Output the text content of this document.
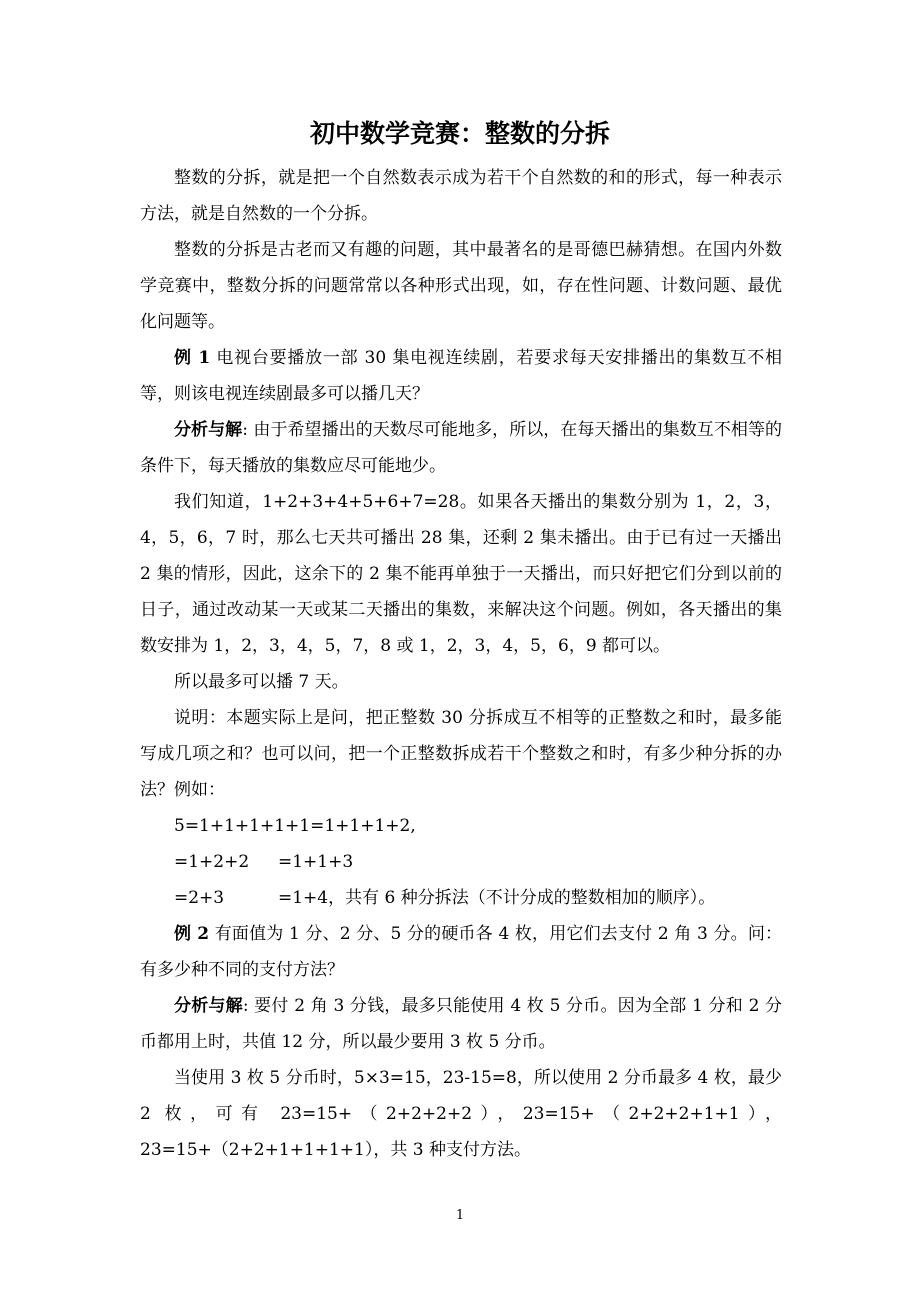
初中数学竞赛：整数的分拆

整数的分拆，就是把一个自然数表示成为若干个自然数的和的形式，每一种表示方法，就是自然数的一个分拆。

整数的分拆是古老而又有趣的问题，其中最著名的是哥德巴赫猜想。在国内外数学竞赛中，整数分拆的问题常常以各种形式出现，如，存在性问题、计数问题、最优化问题等。

例 1 电视台要播放一部 30 集电视连续剧，若要求每天安排播出的集数互不相等，则该电视连续剧最多可以播几天？

分析与解: 由于希望播出的天数尽可能地多，所以，在每天播出的集数互不相等的条件下，每天播放的集数应尽可能地少。

我们知道，1+2+3+4+5+6+7=28。如果各天播出的集数分别为 1，2，3，4，5，6，7 时，那么七天共可播出 28 集，还剩 2 集未播出。由于已有过一天播出 2 集的情形，因此，这余下的 2 集不能再单独于一天播出，而只好把它们分到以前的日子，通过改动某一天或某二天播出的集数，来解决这个问题。例如，各天播出的集数安排为 1，2，3，4，5，7，8 或 1，2，3，4，5，6，9 都可以。

所以最多可以播 7 天。

说明：本题实际上是问，把正整数 30 分拆成互不相等的正整数之和时，最多能写成几项之和？也可以问，把一个正整数拆成若干个整数之和时，有多少种分拆的办法？例如：

5=1+1+1+1+1=1+1+1+2,

=1+2+2 =1+1+3

=2+3	=1+4，共有 6 种分拆法（不计分成的整数相加的顺序）。

例 2 有面值为 1 分、2 分、5 分的硬币各 4 枚，用它们去支付 2 角 3 分。问：有多少种不同的支付方法？

分析与解: 要付 2 角 3 分钱，最多只能使用 4 枚 5 分币。因为全部 1 分和 2 分币都用上时，共值 12 分，所以最少要用 3 枚 5 分币。

当使用 3 枚 5 分币时，5×3=15，23-15=8，所以使用 2 分币最多 4 枚，最少 2 枚，可有 23=15+（2+2+2+2），23=15+（2+2+2+1+1），23=15+（2+2+1+1+1+1），共 3 种支付方法。

1
